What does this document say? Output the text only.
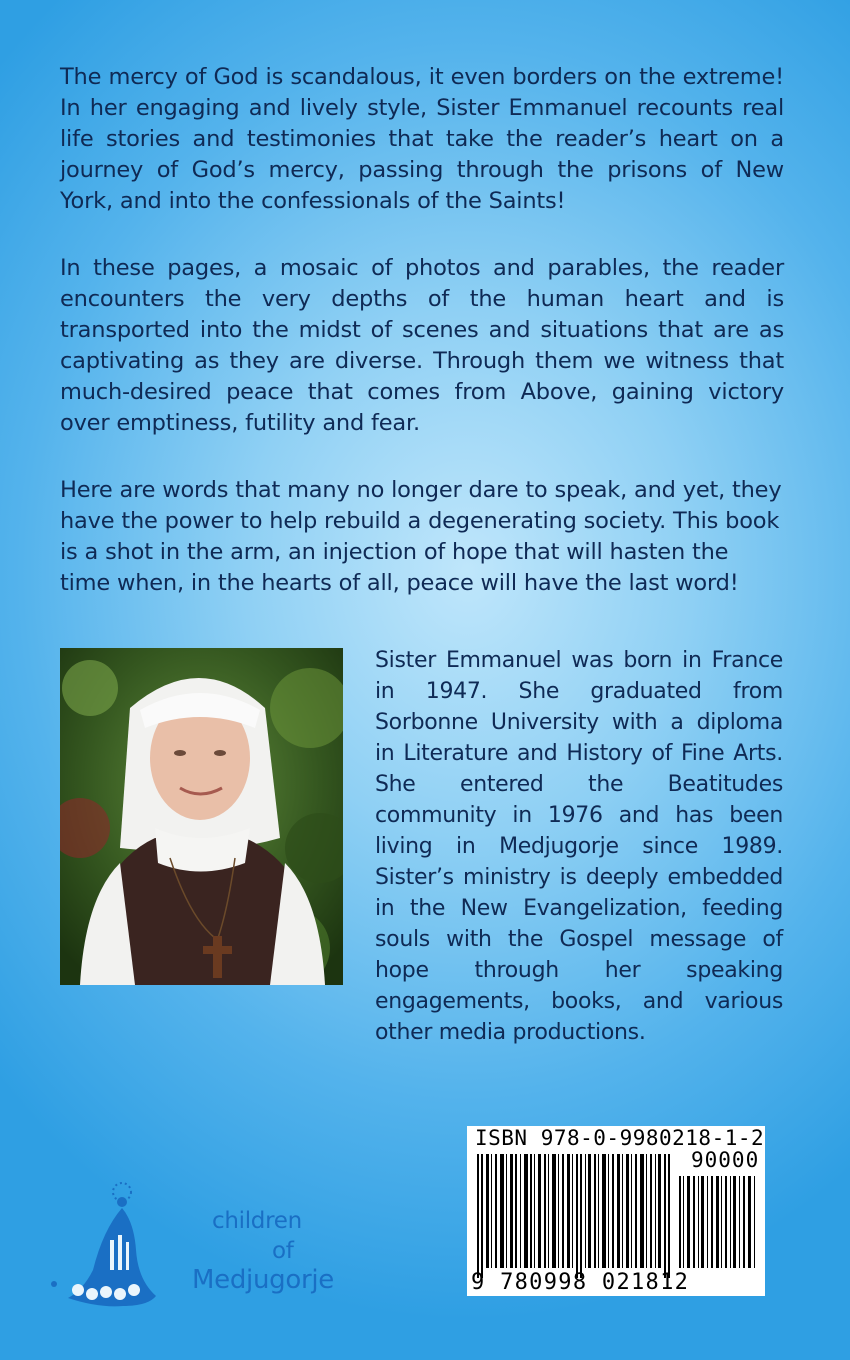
The mercy of God is scandalous, it even borders on the extreme! In her engaging and lively style, Sister Emmanuel recounts real life stories and testimonies that take the reader’s heart on a journey of God’s mercy, passing through the prisons of New York, and into the confessionals of the Saints!

In these pages, a mosaic of photos and parables, the reader encounters the very depths of the human heart and is transported into the midst of scenes and situations that are as captivating as they are diverse. Through them we witness that much-desired peace that comes from Above, gaining victory over emptiness, futility and fear.

Here are words that many no longer dare to speak, and yet, they have the power to help rebuild a degenerating society. This book is a shot in the arm, an injection of hope that will hasten the time when, in the hearts of all, peace will have the last word!

Sister Emmanuel was born in France in 1947. She graduated from Sorbonne University with a diploma in Literature and History of Fine Arts. She entered the Beatitudes community in 1976 and has been living in Medjugorje since 1989. Sister’s ministry is deeply embedded in the New Evangelization, feeding souls with the Gospel message of hope through her speaking engagements, books, and various other media productions.

ISBN 978-0-9980218-1-2
90000
9 780998 021812
children
of
Medjugorje
